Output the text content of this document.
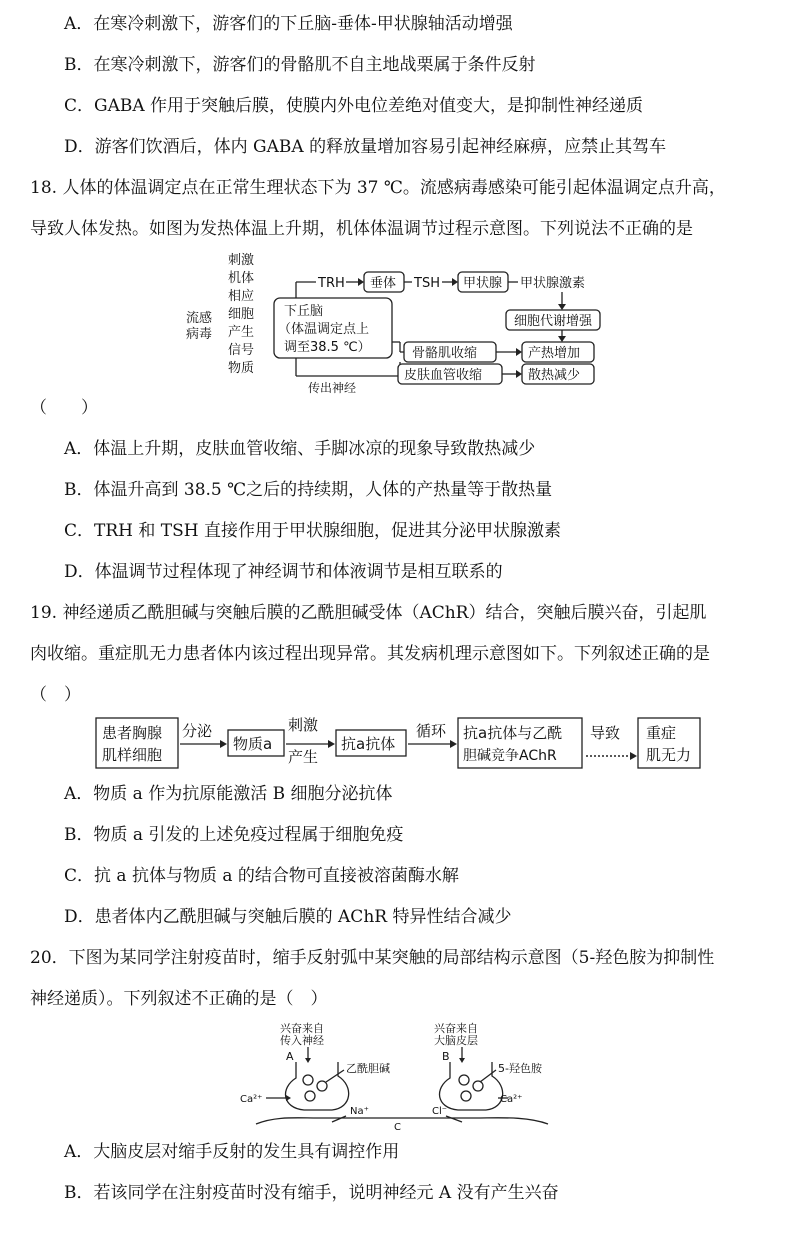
A．在寒冷刺激下，游客们的下丘脑-垂体-甲状腺轴活动增强
B．在寒冷刺激下，游客们的骨骼肌不自主地战栗属于条件反射
C．GABA 作用于突触后膜，使膜内外电位差绝对值变大，是抑制性神经递质
D．游客们饮酒后，体内 GABA 的释放量增加容易引起神经麻痹，应禁止其驾车
18. 人体的体温调定点在正常生理状态下为 37 ℃。流感病毒感染可能引起体温调定点升高，
导致人体发热。如图为发热体温上升期，机体体温调节过程示意图。下列说法不正确的是
流感
病毒
刺激
机体
相应
细胞
产生
信号
物质
下丘脑
（体温调定点上
调至38.5 ℃）
TRH 垂体 TSH 甲状腺 甲状腺激素
细胞代谢增强
骨骼肌收缩	产热增加
皮肤血管收缩	散热减少
传出神经
（　　）
A．体温上升期，皮肤血管收缩、手脚冰凉的现象导致散热减少
B．体温升高到 38.5 ℃之后的持续期，人体的产热量等于散热量
C．TRH 和 TSH 直接作用于甲状腺细胞，促进其分泌甲状腺激素
D．体温调节过程体现了神经调节和体液调节是相互联系的
19. 神经递质乙酰胆碱与突触后膜的乙酰胆碱受体（AChR）结合，突触后膜兴奋，引起肌
肉收缩。重症肌无力患者体内该过程出现异常。其发病机理示意图如下。下列叙述正确的是
（　）
患者胸腺
肌样细胞
分泌
物质a
刺激
产生
抗a抗体
循环 抗a抗体与乙酰
胆碱竞争AChR
导致 重症
肌无力
A．物质 a 作为抗原能激活 B 细胞分泌抗体
B．物质 a 引发的上述免疫过程属于细胞免疫
C．抗 a 抗体与物质 a 的结合物可直接被溶菌酶水解
D．患者体内乙酰胆碱与突触后膜的 AChR 特异性结合减少
20．下图为某同学注射疫苗时，缩手反射弧中某突触的局部结构示意图（5-羟色胺为抑制性
神经递质）。下列叙述不正确的是（　）
兴奋来自
传入神经
兴奋来自
大脑皮层
A	B
乙酰胆碱	5-羟色胺
Ca²⁺	Ca²⁺
Na⁺	Cl⁻
C
A．大脑皮层对缩手反射的发生具有调控作用
B．若该同学在注射疫苗时没有缩手，说明神经元 A 没有产生兴奋
